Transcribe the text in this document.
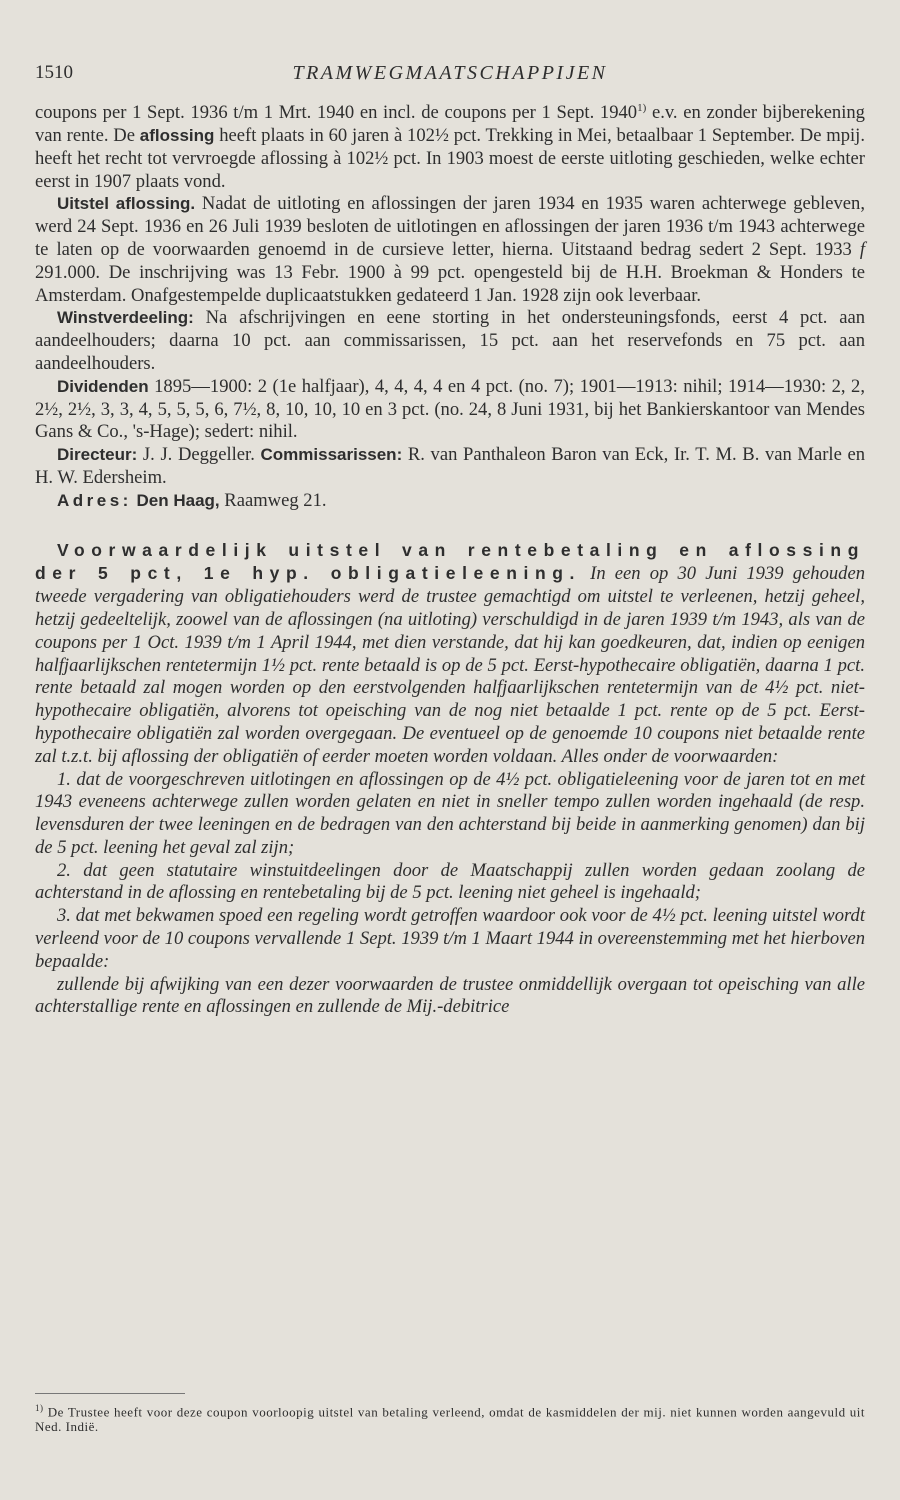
1510	TRAMWEGMAATSCHAPPIJEN

coupons per 1 Sept. 1936 t/m 1 Mrt. 1940 en incl. de coupons per 1 Sept. 1940$^{1)}$ e.v. en zonder bijberekening van rente. De aflossing heeft plaats in 60 jaren à 102½ pct. Trekking in Mei, betaalbaar 1 September. De mpij. heeft het recht tot vervroegde aflossing à 102½ pct. In 1903 moest de eerste uitloting geschieden, welke echter eerst in 1907 plaats vond.

Uitstel aflossing. Nadat de uitloting en aflossingen der jaren 1934 en 1935 waren achterwege gebleven, werd 24 Sept. 1936 en 26 Juli 1939 besloten de uitlotingen en aflossingen der jaren 1936 t/m 1943 achterwege te laten op de voorwaarden genoemd in de cursieve letter, hierna. Uitstaand bedrag sedert 2 Sept. 1933 f 291.000. De inschrijving was 13 Febr. 1900 à 99 pct. opengesteld bij de H.H. Broekman & Honders te Amsterdam. Onafgestempelde duplicaatstukken gedateerd 1 Jan. 1928 zijn ook leverbaar.

Winstverdeeling: Na afschrijvingen en eene storting in het ondersteuningsfonds, eerst 4 pct. aan aandeelhouders; daarna 10 pct. aan commissarissen, 15 pct. aan het reservefonds en 75 pct. aan aandeelhouders.

Dividenden 1895—1900: 2 (1e halfjaar), 4, 4, 4, 4 en 4 pct. (no. 7); 1901—1913: nihil; 1914—1930: 2, 2, 2½, 2½, 3, 3, 4, 5, 5, 5, 6, 7½, 8, 10, 10, 10 en 3 pct. (no. 24, 8 Juni 1931, bij het Bankierskantoor van Mendes Gans & Co., 's-Hage); sedert: nihil.

Directeur: J. J. Deggeller. Commissarissen: R. van Panthaleon Baron van Eck, Ir. T. M. B. van Marle en H. W. Edersheim.

Adres: Den Haag, Raamweg 21.

Voorwaardelijk uitstel van rentebetaling en aflossing der 5 pct, 1e hyp. obligatieleening. In een op 30 Juni 1939 gehouden tweede vergadering van obligatiehouders werd de trustee gemachtigd om uitstel te verleenen, hetzij geheel, hetzij gedeeltelijk, zoowel van de aflossingen (na uitloting) verschuldigd in de jaren 1939 t/m 1943, als van de coupons per 1 Oct. 1939 t/m 1 April 1944, met dien verstande, dat hij kan goedkeuren, dat, indien op eenigen halfjaarlijkschen rentetermijn 1½ pct. rente betaald is op de 5 pct. Eerst-hypothecaire obligatiën, daarna 1 pct. rente betaald zal mogen worden op den eerstvolgenden halfjaarlijkschen rentetermijn van de 4½ pct. niet-hypothecaire obligatiën, alvorens tot opeisching van de nog niet betaalde 1 pct. rente op de 5 pct. Eerst-hypothecaire obligatiën zal worden overgegaan. De eventueel op de genoemde 10 coupons niet betaalde rente zal t.z.t. bij aflossing der obligatiën of eerder moeten worden voldaan. Alles onder de voorwaarden:

1. dat de voorgeschreven uitlotingen en aflossingen op de 4½ pct. obligatieleening voor de jaren tot en met 1943 eveneens achterwege zullen worden gelaten en niet in sneller tempo zullen worden ingehaald (de resp. levensduren der twee leeningen en de bedragen van den achterstand bij beide in aanmerking genomen) dan bij de 5 pct. leening het geval zal zijn;

2. dat geen statutaire winstuitdeelingen door de Maatschappij zullen worden gedaan zoolang de achterstand in de aflossing en rentebetaling bij de 5 pct. leening niet geheel is ingehaald;

3. dat met bekwamen spoed een regeling wordt getroffen waardoor ook voor de 4½ pct. leening uitstel wordt verleend voor de 10 coupons vervallende 1 Sept. 1939 t/m 1 Maart 1944 in overeenstemming met het hierboven bepaalde:

zullende bij afwijking van een dezer voorwaarden de trustee onmiddellijk overgaan tot opeisching van alle achterstallige rente en aflossingen en zullende de Mij.-debitrice

$^{1)}$ De Trustee heeft voor deze coupon voorloopig uitstel van betaling verleend, omdat de kasmiddelen der mij. niet kunnen worden aangevuld uit Ned. Indië.
